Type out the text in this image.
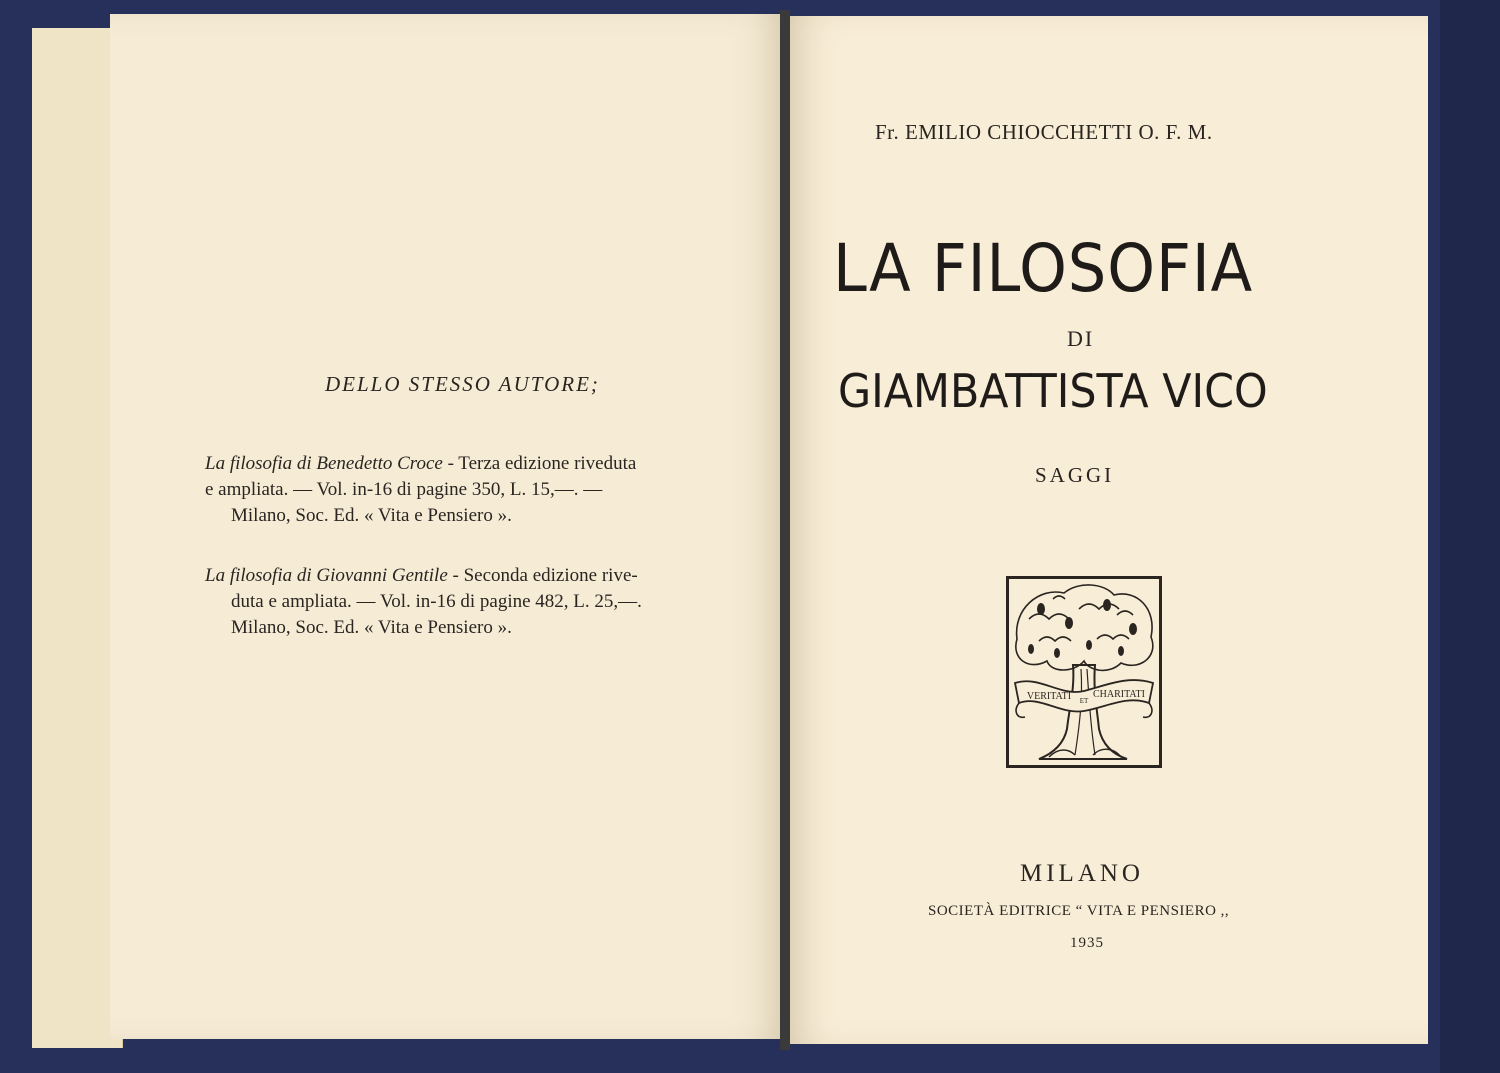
DELLO STESSO AUTORE;
La filosofia di Benedetto Croce - Terza edizione riveduta
e ampliata. — Vol. in-16 di pagine 350, L. 15,—. —
Milano, Soc. Ed. « Vita e Pensiero ».
La filosofia di Giovanni Gentile - Seconda edizione rive-
duta e ampliata. — Vol. in-16 di pagine 482, L. 25,—.
Milano, Soc. Ed. « Vita e Pensiero ».
Fr. EMILIO CHIOCCHETTI O. F. M.
LA FILOSOFIA
DI
GIAMBATTISTA VICO
SAGGI
VERITATI ET
CHARITATI
MILANO
SOCIETÀ EDITRICE “ VITA E PENSIERO ,,
1935
